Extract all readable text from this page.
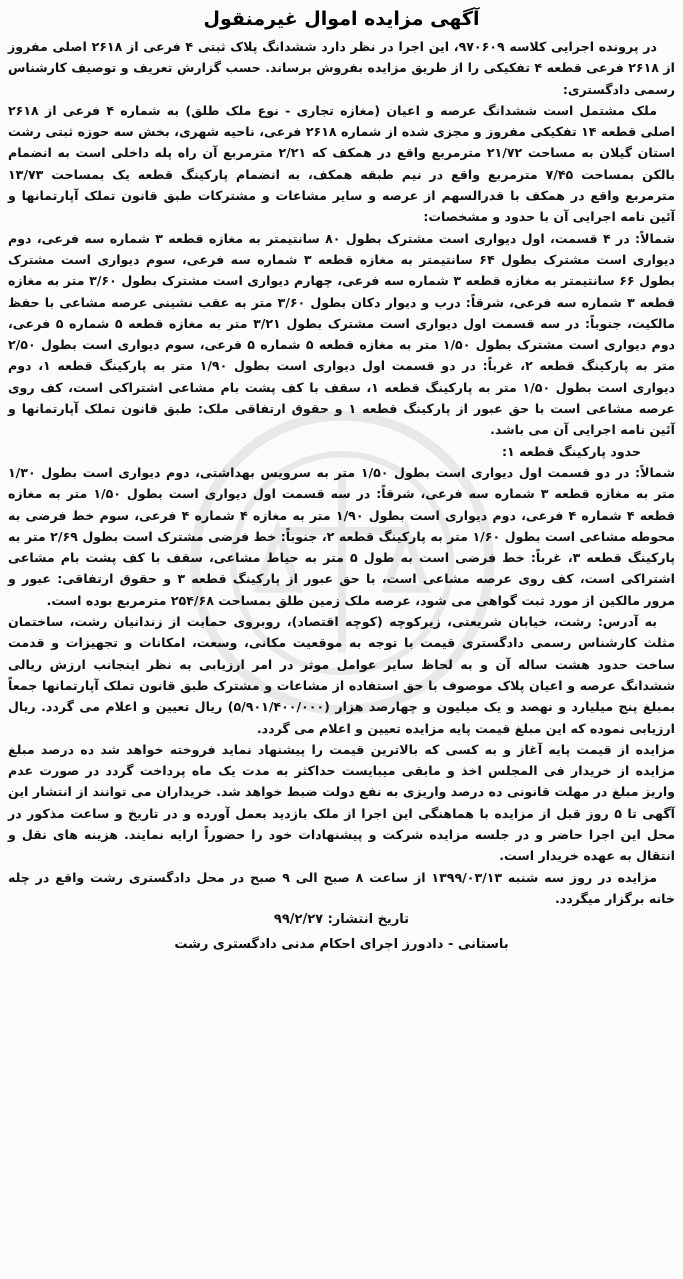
آگهی مزایده اموال غیرمنقول

در پرونده اجرایی کلاسه ۹۷۰۶۰۹، این اجرا در نظر دارد ششدانگ پلاک ثبتی ۴ فرعی از ۲۶۱۸ اصلی مفروز از ۲۶۱۸ فرعی قطعه ۴ تفکیکی را از طریق مزایده بفروش برساند. حسب گزارش تعریف و توصیف کارشناس رسمی دادگستری:

ملک مشتمل است ششدانگ عرصه و اعیان (مغازه تجاری - نوع ملک طلق) به شماره ۴ فرعی از ۲۶۱۸ اصلی قطعه ۱۴ تفکیکی مفروز و مجزی شده از شماره ۲۶۱۸ فرعی، ناحیه شهری، بخش سه حوزه ثبتی رشت استان گیلان به مساحت ۲۱/۷۲ مترمربع واقع در همکف که ۲/۲۱ مترمربع آن راه پله داخلی است به انضمام بالکن بمساحت ۷/۴۵ مترمربع واقع در نیم طبقه همکف، به انضمام پارکینگ قطعه یک بمساحت ۱۳/۷۳ مترمربع واقع در همکف با قدرالسهم از عرصه و سایر مشاعات و مشترکات طبق قانون تملک آپارتمانها و آئین نامه اجرایی آن با حدود و مشخصات:

شمالاً: در ۴ قسمت، اول دیواری است مشترک بطول ۸۰ سانتیمتر به مغازه قطعه ۳ شماره سه فرعی، دوم دیواری است مشترک بطول ۶۴ سانتیمتر به مغازه قطعه ۳ شماره سه فرعی، سوم دیواری است مشترک بطول ۶۶ سانتیمتر به مغازه قطعه ۳ شماره سه فرعی، چهارم دیواری است مشترک بطول ۳/۶۰ متر به مغازه قطعه ۳ شماره سه فرعی، شرقاً: درب و دیوار دکان بطول ۳/۶۰ متر به عقب نشینی عرصه مشاعی با حفظ مالکیت، جنوباً: در سه قسمت اول دیواری است مشترک بطول ۳/۲۱ متر به مغازه قطعه ۵ شماره ۵ فرعی، دوم دیواری است مشترک بطول ۱/۵۰ متر به مغازه قطعه ۵ شماره ۵ فرعی، سوم دیواری است بطول ۲/۵۰ متر به پارکینگ قطعه ۲، غرباً: در دو قسمت اول دیواری است بطول ۱/۹۰ متر به پارکینگ قطعه ۱، دوم دیواری است بطول ۱/۵۰ متر به پارکینگ قطعه ۱، سقف با کف پشت بام مشاعی اشتراکی است، کف روی عرصه مشاعی است با حق عبور از پارکینگ قطعه ۱ و حقوق ارتفاقی ملک: طبق قانون تملک آپارتمانها و آئین نامه اجرایی آن می باشد.

حدود پارکینگ قطعه ۱:

شمالاً: در دو قسمت اول دیواری است بطول ۱/۵۰ متر به سرویس بهداشتی، دوم دیواری است بطول ۱/۳۰ متر به مغازه قطعه ۳ شماره سه فرعی، شرقاً: در سه قسمت اول دیواری است بطول ۱/۵۰ متر به مغازه قطعه ۴ شماره ۴ فرعی، دوم دیواری است بطول ۱/۹۰ متر به مغازه ۴ شماره ۴ فرعی، سوم خط فرضی به محوطه مشاعی است بطول ۱/۶۰ متر به پارکینگ قطعه ۲، جنوباً: خط فرضی مشترک است بطول ۲/۶۹ متر به پارکینگ قطعه ۳، غرباً: خط فرضی است به طول ۵ متر به حیاط مشاعی، سقف با کف پشت بام مشاعی اشتراکی است، کف روی عرصه مشاعی است، با حق عبور از پارکینگ قطعه ۳ و حقوق ارتفاقی: عبور و مرور مالکین از مورد ثبت گواهی می شود، عرصه ملک زمین طلق بمساحت ۲۵۴/۶۸ مترمربع بوده است.

به آدرس: رشت، خیابان شریعتی، زیرکوچه (کوچه اقتصاد)، روبروی حمایت از زندانیان رشت، ساختمان مثلث کارشناس رسمی دادگستری قیمت با توجه به موقعیت مکانی، وسعت، امکانات و تجهیزات و قدمت ساخت حدود هشت ساله آن و به لحاظ سایر عوامل موثر در امر ارزیابی به نظر اینجانب ارزش ریالی ششدانگ عرصه و اعیان پلاک موصوف با حق استفاده از مشاعات و مشترک طبق قانون تملک آپارتمانها جمعاً بمبلغ پنج میلیارد و نهصد و یک میلیون و چهارصد هزار (۵/۹۰۱/۴۰۰/۰۰۰) ریال تعیین و اعلام می گردد. ریال ارزیابی نموده که این مبلغ قیمت پایه مزایده تعیین و اعلام می گردد.

مزایده از قیمت پایه آغاز و به کسی که بالاترین قیمت را پیشنهاد نماید فروخته خواهد شد ده درصد مبلغ مزایده از خریدار فی المجلس اخذ و مابقی میبایست حداکثر به مدت یک ماه پرداخت گردد در صورت عدم واریز مبلغ در مهلت قانونی ده درصد واریزی به نفع دولت ضبط خواهد شد. خریداران می توانند از انتشار این آگهی تا ۵ روز قبل از مزایده با هماهنگی این اجرا از ملک بازدید بعمل آورده و در تاریخ و ساعت مذکور در محل این اجرا حاضر و در جلسه مزایده شرکت و پیشنهادات خود را حضوراً ارایه نمایند. هزینه های نقل و انتقال به عهده خریدار است.

مزایده در روز سه شنبه ۱۳۹۹/۰۳/۱۳ از ساعت ۸ صبح الی ۹ صبح در محل دادگستری رشت واقع در چله خانه برگزار میگردد.

تاریخ انتشار: ۹۹/۲/۲۷

باستانی - دادورز اجرای احکام مدنی دادگستری رشت
